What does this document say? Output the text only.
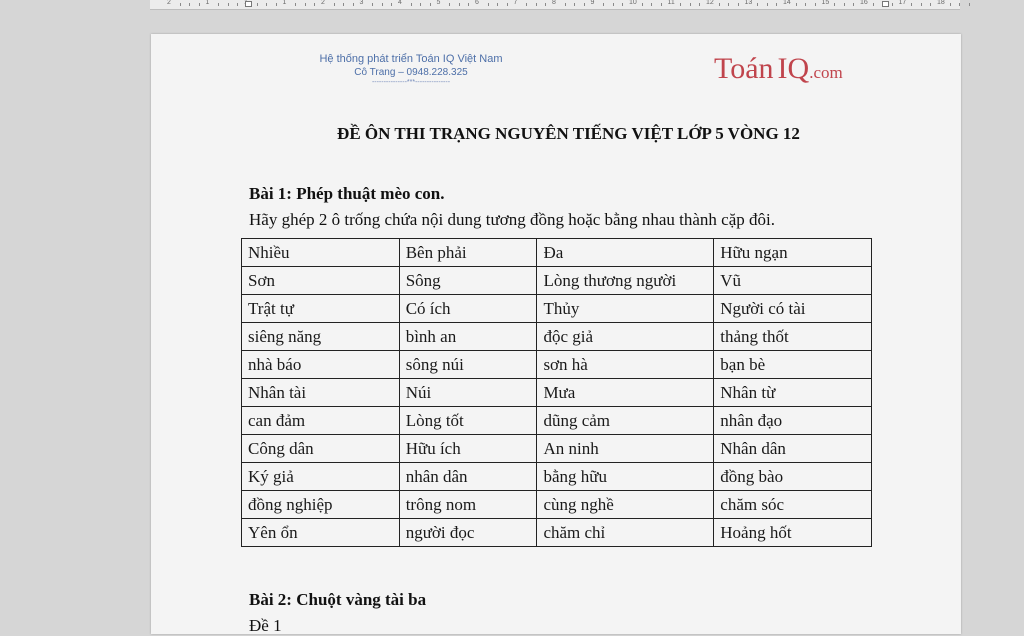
2	1	1	2	3	4	5	6	7	8	9	10	11	12	13	14	15	16	17	18
Hệ thống phát triển Toán IQ Việt Nam
Cô Trang – 0948.228.325
---------------***---------------	Toán IQ.com
ĐỀ ÔN THI TRẠNG NGUYÊN TIẾNG VIỆT LỚP 5 VÒNG 12
Bài 1: Phép thuật mèo con.
Hãy ghép 2 ô trống chứa nội dung tương đồng hoặc bằng nhau thành cặp đôi.
Nhiều	Bên phải	Đa	Hữu ngạn
Sơn	Sông	Lòng thương người	Vũ
Trật tự	Có ích	Thủy	Người có tài
siêng năng	bình an	độc giả	thảng thốt
nhà báo	sông núi	sơn hà	bạn bè
Nhân tài	Núi	Mưa	Nhân từ
can đảm	Lòng tốt	dũng cảm	nhân đạo
Công dân	Hữu ích	An ninh	Nhân dân
Ký giả	nhân dân	bằng hữu	đồng bào
đồng nghiệp	trông nom	cùng nghề	chăm sóc
Yên ổn	người đọc	chăm chỉ	Hoảng hốt
Bài 2: Chuột vàng tài ba
Đề 1
